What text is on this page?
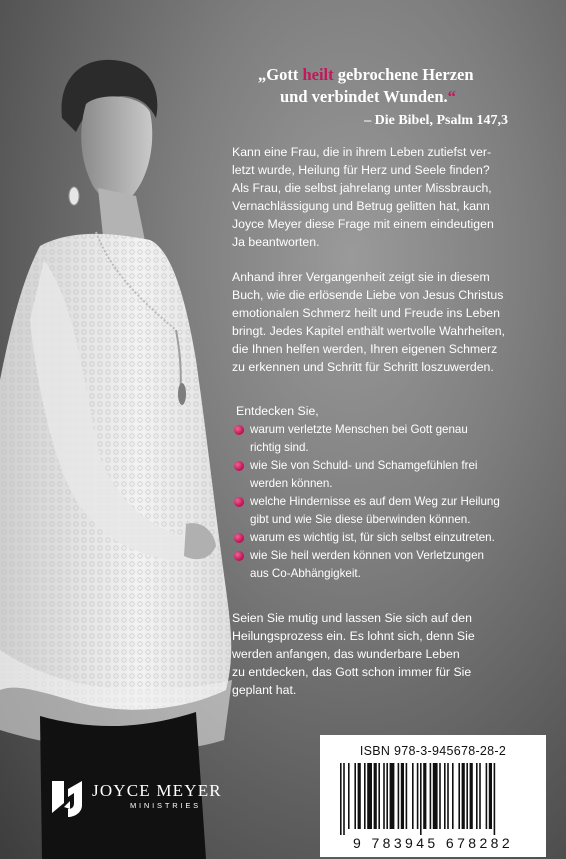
„Gott heilt gebrochene Herzen
und verbindet Wunden.“
– Die Bibel, Psalm 147,3

Kann eine Frau, die in ihrem Leben zutiefst ver-
letzt wurde, Heilung für Herz und Seele finden?
Als Frau, die selbst jahrelang unter Missbrauch,
Vernachlässigung und Betrug gelitten hat, kann
Joyce Meyer diese Frage mit einem eindeutigen
Ja beantworten.

Anhand ihrer Vergangenheit zeigt sie in diesem
Buch, wie die erlösende Liebe von Jesus Christus
emotionalen Schmerz heilt und Freude ins Leben
bringt. Jedes Kapitel enthält wertvolle Wahrheiten,
die Ihnen helfen werden, Ihren eigenen Schmerz
zu erkennen und Schritt für Schritt loszuwerden.

Entdecken Sie,

warum verletzte Menschen bei Gott genau
richtig sind.
wie Sie von Schuld- und Schamgefühlen frei
werden können.
welche Hindernisse es auf dem Weg zur Heilung
gibt und wie Sie diese überwinden können.
warum es wichtig ist, für sich selbst einzutreten.
wie Sie heil werden können von Verletzungen
aus Co-Abhängigkeit.

Seien Sie mutig und lassen Sie sich auf den
Heilungsprozess ein. Es lohnt sich, denn Sie
werden anfangen, das wunderbare Leben
zu entdecken, das Gott schon immer für Sie
geplant hat.

JOYCE MEYER
MINISTRIES
ISBN 978-3-945678-28-2
9 783945 678282
